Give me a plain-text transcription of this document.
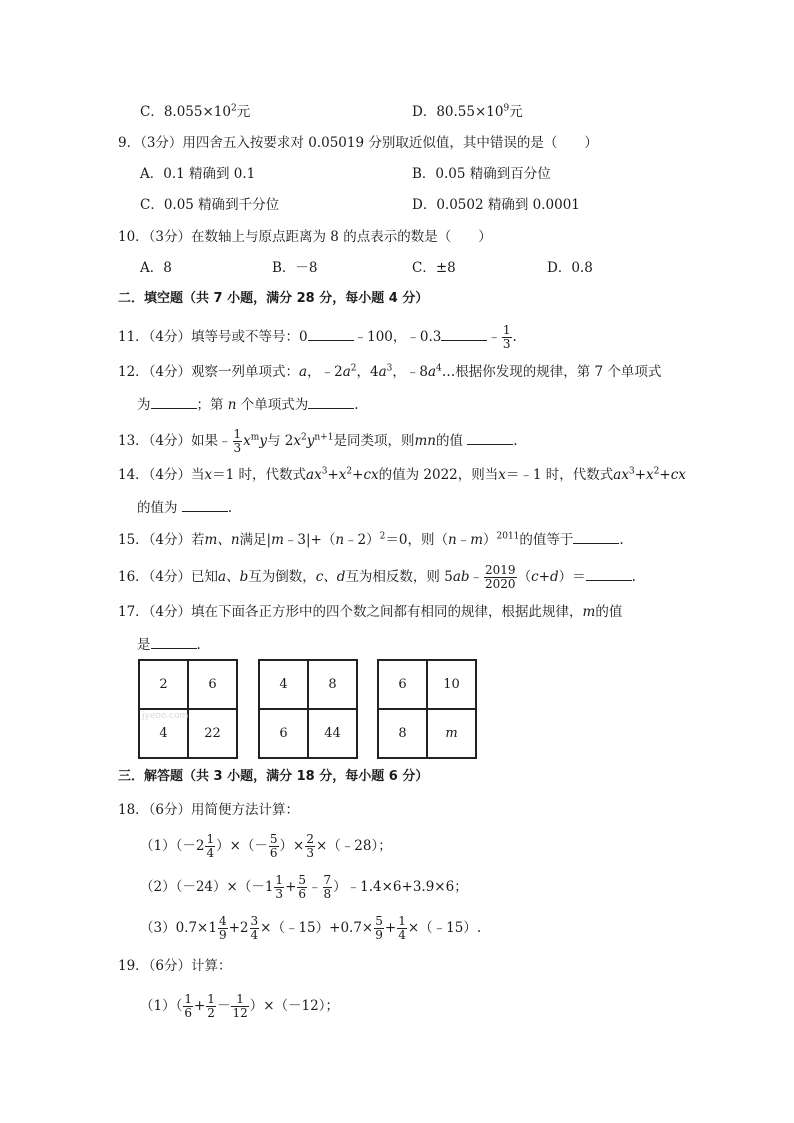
C．$8.055\times 10^2$元	D．$80.55\times 10^9$元
9．（3分）用四舍五入按要求对 0.05019 分别取近似值，其中错误的是（　　）
A．0.1 精确到 0.1	B．0.05 精确到百分位
C．0.05 精确到千分位	D．0.0502 精确到 0.0001
10．（3分）在数轴上与原点距离为 8 的点表示的数是（　　）
A．8	B．－8	C．±8	D．0.8
二．填空题（共 7 小题，满分 28 分，每小题 4 分）
11．（4分）填等号或不等号：0	﹣100，﹣0.3	﹣ $\frac{1}{3}$ .
12．（4分）观察一列单项式：a，$﹣2a^2$，$4a^3$，$﹣8a^4\dots$根据你发现的规律，第 7 个单项式
为	；第 n 个单项式为	.
13．（4分）如果﹣ $\frac{1}{3} x^my$与 $2x^2y^{n+1}$是同类项，则mn的值	.
14．（4分）当x＝1 时，代数式$ax^3+x^2+cx$的值为 2022，则当x＝﹣1 时，代数式$ax^3+x^2+cx$
的值为	.
15．（4分）若m、n满足|m﹣3|+（n﹣2）$^2$＝0，则（n﹣m）$^{2011}$的值等于	.
16．（4分）已知a、b互为倒数，c、d互为相反数，则 5ab﹣ $\frac{2019}{2020} (c+d)=$	.
17．（4分）填在下面各正方形中的四个数之间都有相同的规律，根据此规律，m的值
是	.
2	6
4	22
jyeoo.com
4	8
6	44
6	10
8	m
三．解答题（共 3 小题，满分 18 分，每小题 6 分）
18．（6分）用简便方法计算：
$(1)(-2 \frac{1}{4}$ ）×（－ $\frac{5}{6}$ ）× $\frac{2}{3}$ ×（﹣28）；
$(2)(-24)\times(-1 \frac{1}{3} + \frac{5}{6}$ ﹣ $\frac{7}{8}$ ）﹣1.4×6+3.9×6；
$(3)0.7\times 1 \frac{4}{9} +2 \frac{3}{4}$ ×（﹣15）+0.7× $\frac{5}{9} + \frac{1}{4}$ ×（﹣15）.
19．（6分）计算：
$(1)( \frac{1}{6} + \frac{1}{2} - \frac{1}{12} )\times(-12)$；
